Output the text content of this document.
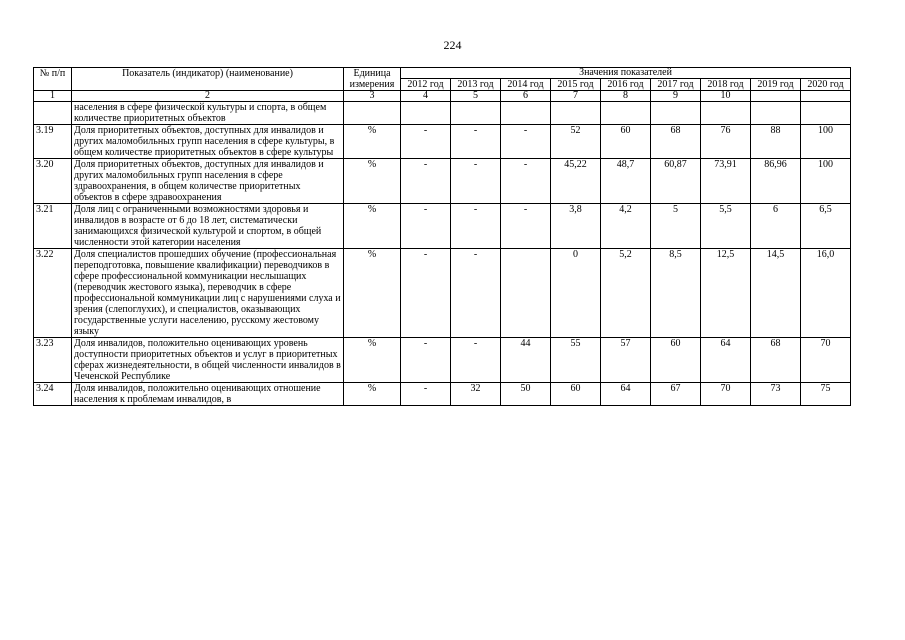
224
№ п/п	Показатель (индикатор) (наименование)	Единица измерения	Значения показателей								
			2012 год	2013 год	2014 год	2015 год	2016 год	2017 год	2018 год	2019 год	2020 год
1	2	3	4	5	6	7	8	9	10		
	населения в сфере физической культуры и спорта, в общем количестве приоритетных объектов										
3.19	Доля приоритетных объектов, доступных для инвалидов и других маломобильных групп населения в сфере культуры, в общем количестве приоритетных объектов в сфере культуры	%	-	-	-	52	60	68	76	88	100
3.20	Доля приоритетных объектов, доступных для инвалидов и других маломобильных групп населения в сфере здравоохранения, в общем количестве приоритетных объектов в сфере здравоохранения	%	-	-	-	45,22	48,7	60,87	73,91	86,96	100
3.21	Доля лиц с ограниченными возможностями здоровья и инвалидов в возрасте от 6 до 18 лет, систематически занимающихся физической культурой и спортом, в общей численности этой категории населения	%	-	-	-	3,8	4,2	5	5,5	6	6,5
3.22	Доля специалистов прошедших обучение (профессиональная переподготовка, повышение квалификации) переводчиков в сфере профессиональной коммуникации неслышащих (переводчик жестового языка), переводчик в сфере профессиональной коммуникации лиц с нарушениями слуха и зрения (слепоглухих), и специалистов, оказывающих государственные услуги населению, русскому жестовому языку	%	-	-		0	5,2	8,5	12,5	14,5	16,0
3.23	Доля инвалидов, положительно оценивающих уровень доступности приоритетных объектов и услуг в приоритетных сферах жизнедеятельности, в общей численности инвалидов в Чеченской Республике	%	-	-	44	55	57	60	64	68	70
3.24	Доля инвалидов, положительно оценивающих отношение населения к проблемам инвалидов, в	%	-	32	50	60	64	67	70	73	75
